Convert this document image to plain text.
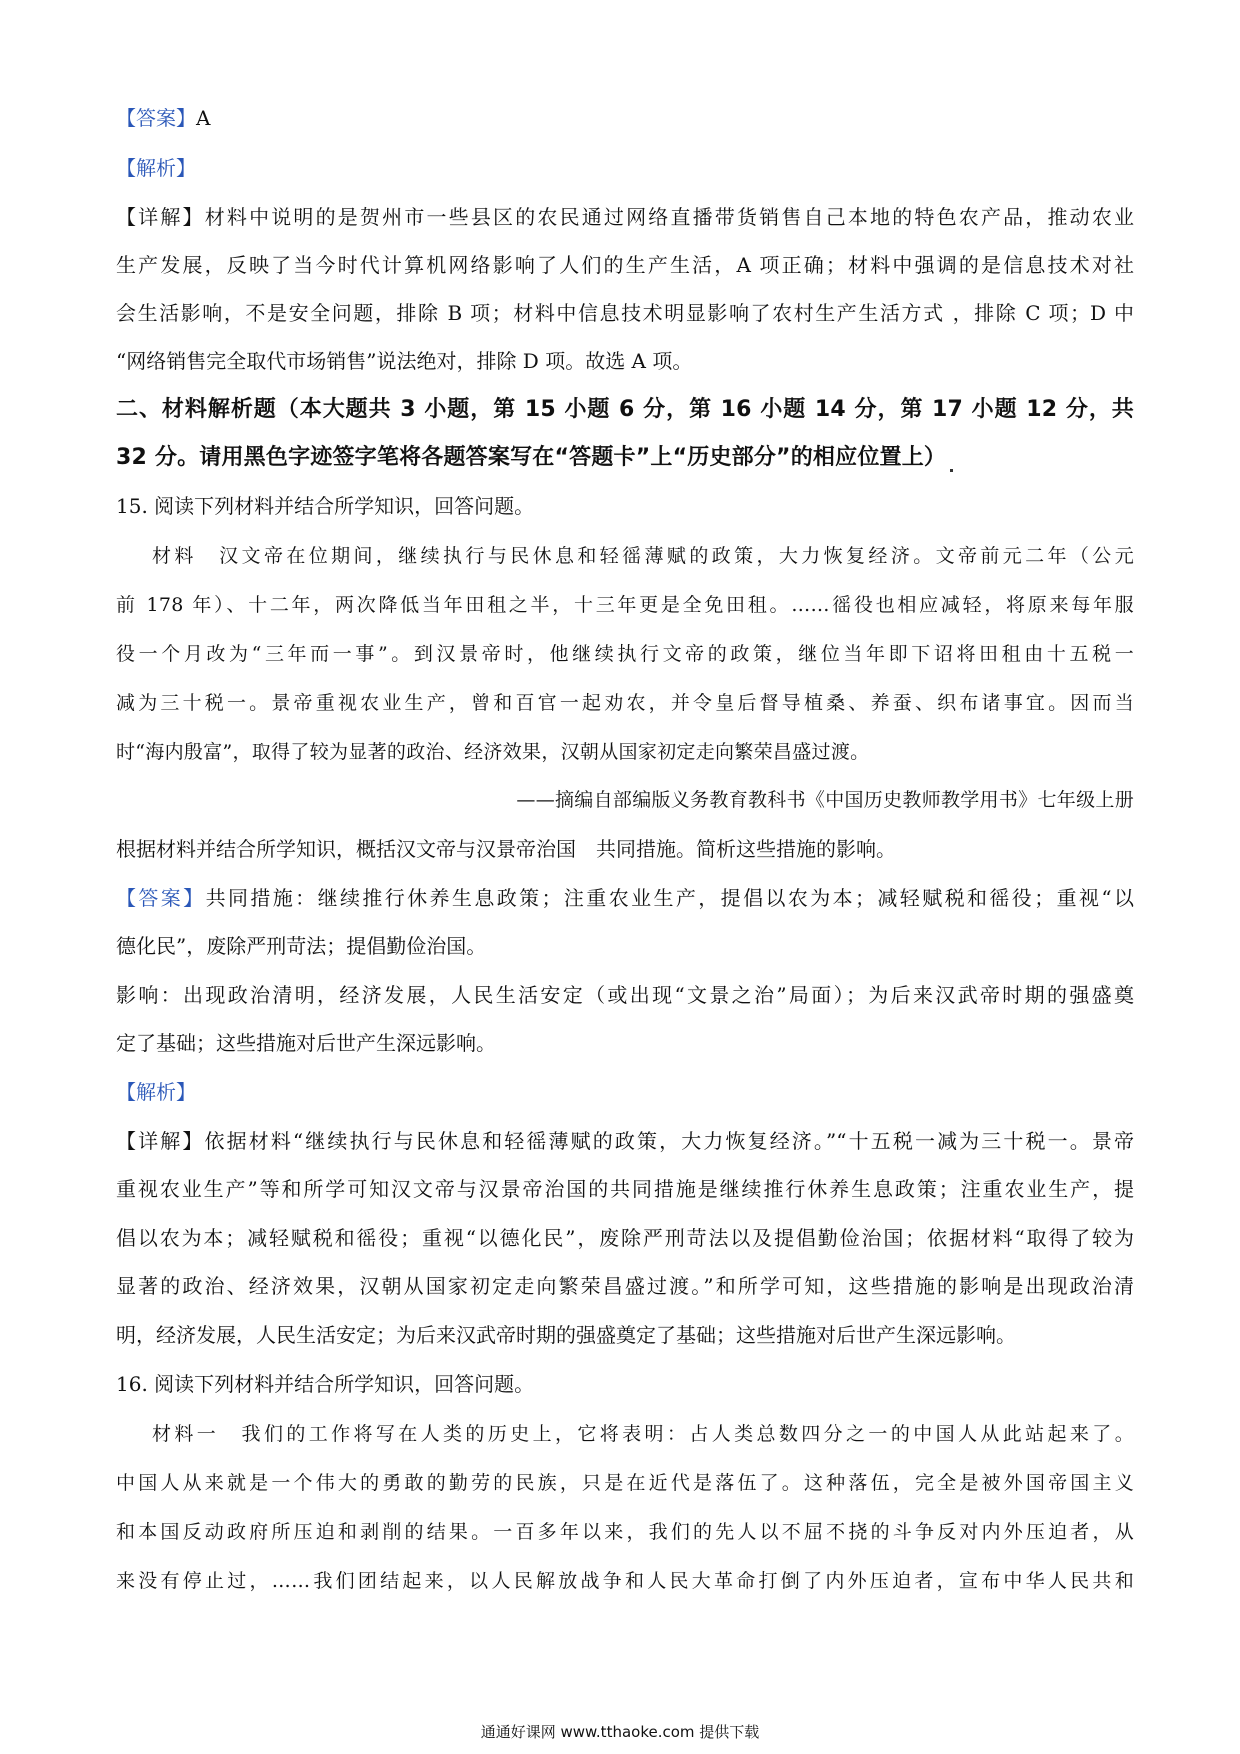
【答案】A
【解析】
【详解】材料中说明的是贺州市一些县区的农民通过网络直播带货销售自己本地的特色农产品，推动农业
生产发展，反映了当今时代计算机网络影响了人们的生产生活，A 项正确；材料中强调的是信息技术对社
会生活影响，不是安全问题，排除 B 项；材料中信息技术明显影响了农村生产生活方式 ，排除 C 项；D 中
“网络销售完全取代市场销售”说法绝对，排除 D 项。故选 A 项。
二、材料解析题（本大题共 3 小题，第 15 小题 6 分，第 16 小题 14 分，第 17 小题 12 分，共
32 分。请用黑色字迹签字笔将各题答案写在“答题卡”上“历史部分”的相应位置上）
15. 阅读下列材料并结合所学知识，回答问题。
材料　汉文帝在位期间，继续执行与民休息和轻徭薄赋的政策，大力恢复经济。文帝前元二年（公元
前 178 年）、十二年，两次降低当年田租之半，十三年更是全免田租。……徭役也相应减轻，将原来每年服
役一个月改为“三年而一事”。到汉景帝时，他继续执行文帝的政策，继位当年即下诏将田租由十五税一
减为三十税一。景帝重视农业生产，曾和百官一起劝农，并令皇后督导植桑、养蚕、织布诸事宜。因而当
时“海内殷富”，取得了较为显著的政治、经济效果，汉朝从国家初定走向繁荣昌盛过渡。
——摘编自部编版义务教育教科书《中国历史教师教学用书》七年级上册
根据材料并结合所学知识，概括汉文帝与汉景帝治国　共同措施。简析这些措施的影响。
【答案】共同措施：继续推行休养生息政策；注重农业生产，提倡以农为本；减轻赋税和徭役；重视“以
德化民”，废除严刑苛法；提倡勤俭治国。
影响：出现政治清明，经济发展，人民生活安定（或出现“文景之治”局面）；为后来汉武帝时期的强盛奠
定了基础；这些措施对后世产生深远影响。
【解析】
【详解】依据材料“继续执行与民休息和轻徭薄赋的政策，大力恢复经济。”“十五税一减为三十税一。景帝
重视农业生产”等和所学可知汉文帝与汉景帝治国的共同措施是继续推行休养生息政策；注重农业生产，提
倡以农为本；减轻赋税和徭役；重视“以德化民”，废除严刑苛法以及提倡勤俭治国；依据材料“取得了较为
显著的政治、经济效果，汉朝从国家初定走向繁荣昌盛过渡。”和所学可知，这些措施的影响是出现政治清
明，经济发展，人民生活安定；为后来汉武帝时期的强盛奠定了基础；这些措施对后世产生深远影响。
16. 阅读下列材料并结合所学知识，回答问题。
材料一　我们的工作将写在人类的历史上，它将表明：占人类总数四分之一的中国人从此站起来了。
中国人从来就是一个伟大的勇敢的勤劳的民族，只是在近代是落伍了。这种落伍，完全是被外国帝国主义
和本国反动政府所压迫和剥削的结果。一百多年以来，我们的先人以不屈不挠的斗争反对内外压迫者，从
来没有停止过，……我们团结起来，以人民解放战争和人民大革命打倒了内外压迫者，宣布中华人民共和
通通好课网 www.tthaoke.com 提供下载
